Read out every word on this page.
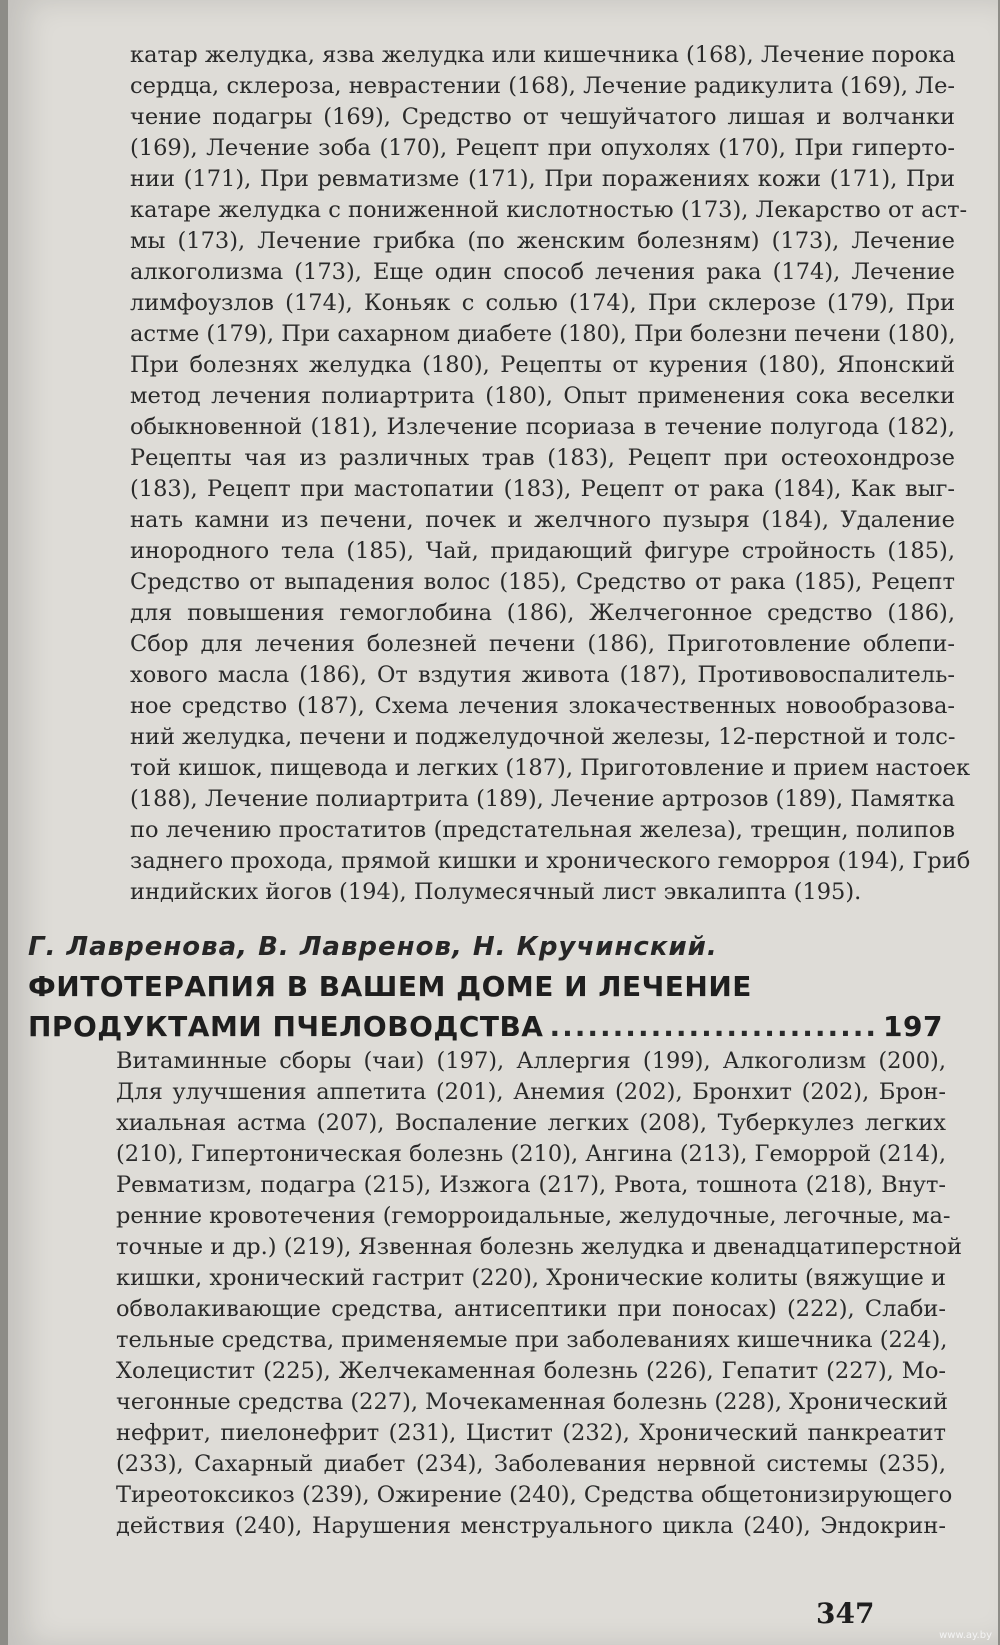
катар желудка, язва желудка или кишечника (168), Лечение порока
сердца, склероза, неврастении (168), Лечение радикулита (169), Ле-
чение подагры (169), Средство от чешуйчатого лишая и волчанки
(169), Лечение зоба (170), Рецепт при опухолях (170), При гиперто-
нии (171), При ревматизме (171), При поражениях кожи (171), При
катаре желудка с пониженной кислотностью (173), Лекарство от аст-
мы (173), Лечение грибка (по женским болезням) (173), Лечение
алкоголизма (173), Еще один способ лечения рака (174), Лечение
лимфоузлов (174), Коньяк с солью (174), При склерозе (179), При
астме (179), При сахарном диабете (180), При болезни печени (180),
При болезнях желудка (180), Рецепты от курения (180), Японский
метод лечения полиартрита (180), Опыт применения сока веселки
обыкновенной (181), Излечение псориаза в течение полугода (182),
Рецепты чая из различных трав (183), Рецепт при остеохондрозе
(183), Рецепт при мастопатии (183), Рецепт от рака (184), Как выг-
нать камни из печени, почек и желчного пузыря (184), Удаление
инородного тела (185), Чай, придающий фигуре стройность (185),
Средство от выпадения волос (185), Средство от рака (185), Рецепт
для повышения гемоглобина (186), Желчегонное средство (186),
Сбор для лечения болезней печени (186), Приготовление облепи-
хового масла (186), От вздутия живота (187), Противовоспалитель-
ное средство (187), Схема лечения злокачественных новообразова-
ний желудка, печени и поджелудочной железы, 12-перстной и толс-
той кишок, пищевода и легких (187), Приготовление и прием настоек
(188), Лечение полиартрита (189), Лечение артрозов (189), Памятка
по лечению простатитов (предстательная железа), трещин, полипов
заднего прохода, прямой кишки и хронического геморроя (194), Гриб
индийских йогов (194), Полумесячный лист эвкалипта (195).
Г. Лавренова, В. Лавренов, Н. Кручинский.
ФИТОТЕРАПИЯ В ВАШЕМ ДОМЕ И ЛЕЧЕНИЕ
ПРОДУКТАМИ ПЧЕЛОВОДСТВА
.....	197
Витаминные сборы (чаи) (197), Аллергия (199), Алкоголизм (200),
Для улучшения аппетита (201), Анемия (202), Бронхит (202), Брон-
хиальная астма (207), Воспаление легких (208), Туберкулез легких
(210), Гипертоническая болезнь (210), Ангина (213), Геморрой (214),
Ревматизм, подагра (215), Изжога (217), Рвота, тошнота (218), Внут-
ренние кровотечения (геморроидальные, желудочные, легочные, ма-
точные и др.) (219), Язвенная болезнь желудка и двенадцатиперстной
кишки, хронический гастрит (220), Хронические колиты (вяжущие и
обволакивающие средства, антисептики при поносах) (222), Слаби-
тельные средства, применяемые при заболеваниях кишечника (224),
Холецистит (225), Желчекаменная болезнь (226), Гепатит (227), Мо-
чегонные средства (227), Мочекаменная болезнь (228), Хронический
нефрит, пиелонефрит (231), Цистит (232), Хронический панкреатит
(233), Сахарный диабет (234), Заболевания нервной системы (235),
Тиреотоксикоз (239), Ожирение (240), Средства общетонизирующего
действия (240), Нарушения менструального цикла (240), Эндокрин-
347
www.ay.by
